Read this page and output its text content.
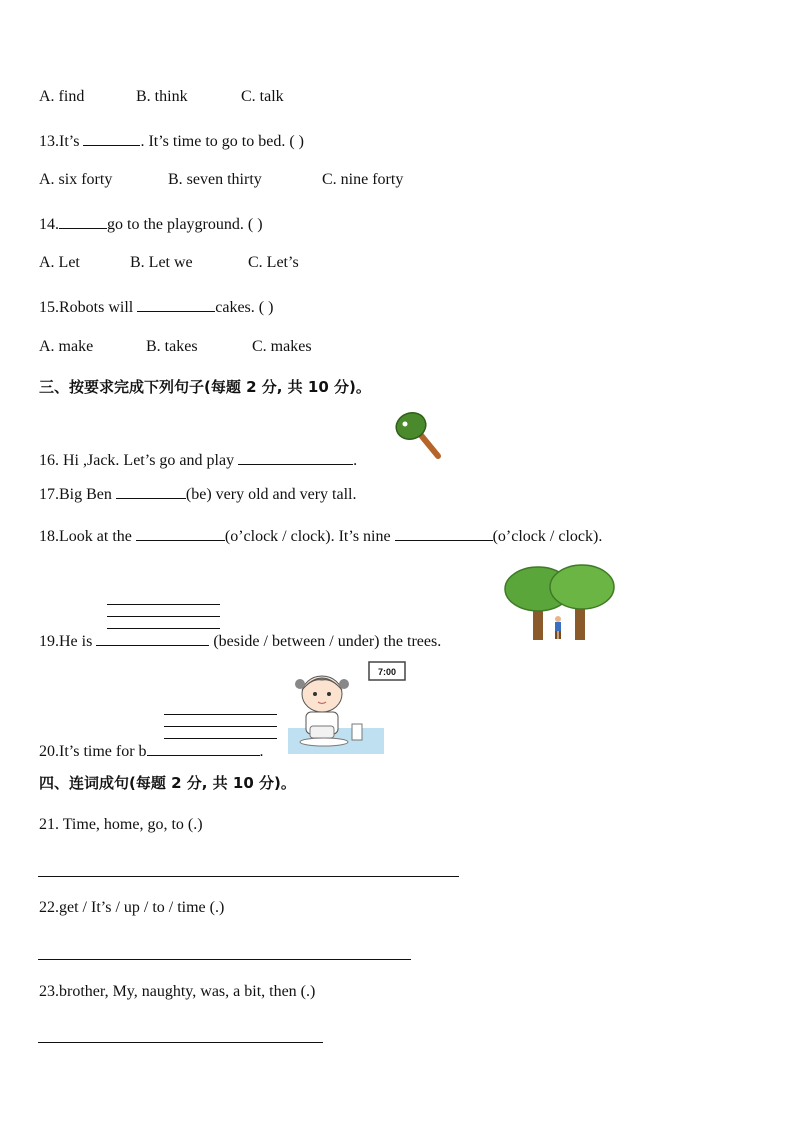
A. find	B. think	C. talk
13.It’s	. It’s time to go to bed. ( )
A. six forty	B. seven thirty	C. nine forty
14.	go to the playground. ( )
A. Let	B. Let we	C. Let’s
15.Robots will	cakes. ( )
A. make	B. takes	C. makes
三、按要求完成下列句子(每题 2 分, 共 10 分)。
16. Hi ,Jack. Let’s go and play	.
17.Big Ben	(be) very old and very tall.
18.Look at the	(o’clock / clock). It’s nine	(o’clock / clock).
19.He is	(beside / between / under) the trees.
20.It’s time for b	.
7:00
四、连词成句(每题 2 分, 共 10 分)。
21. Time, home, go, to (.)
22.get / It’s / up / to / time (.)
23.brother, My, naughty, was, a bit, then (.)
